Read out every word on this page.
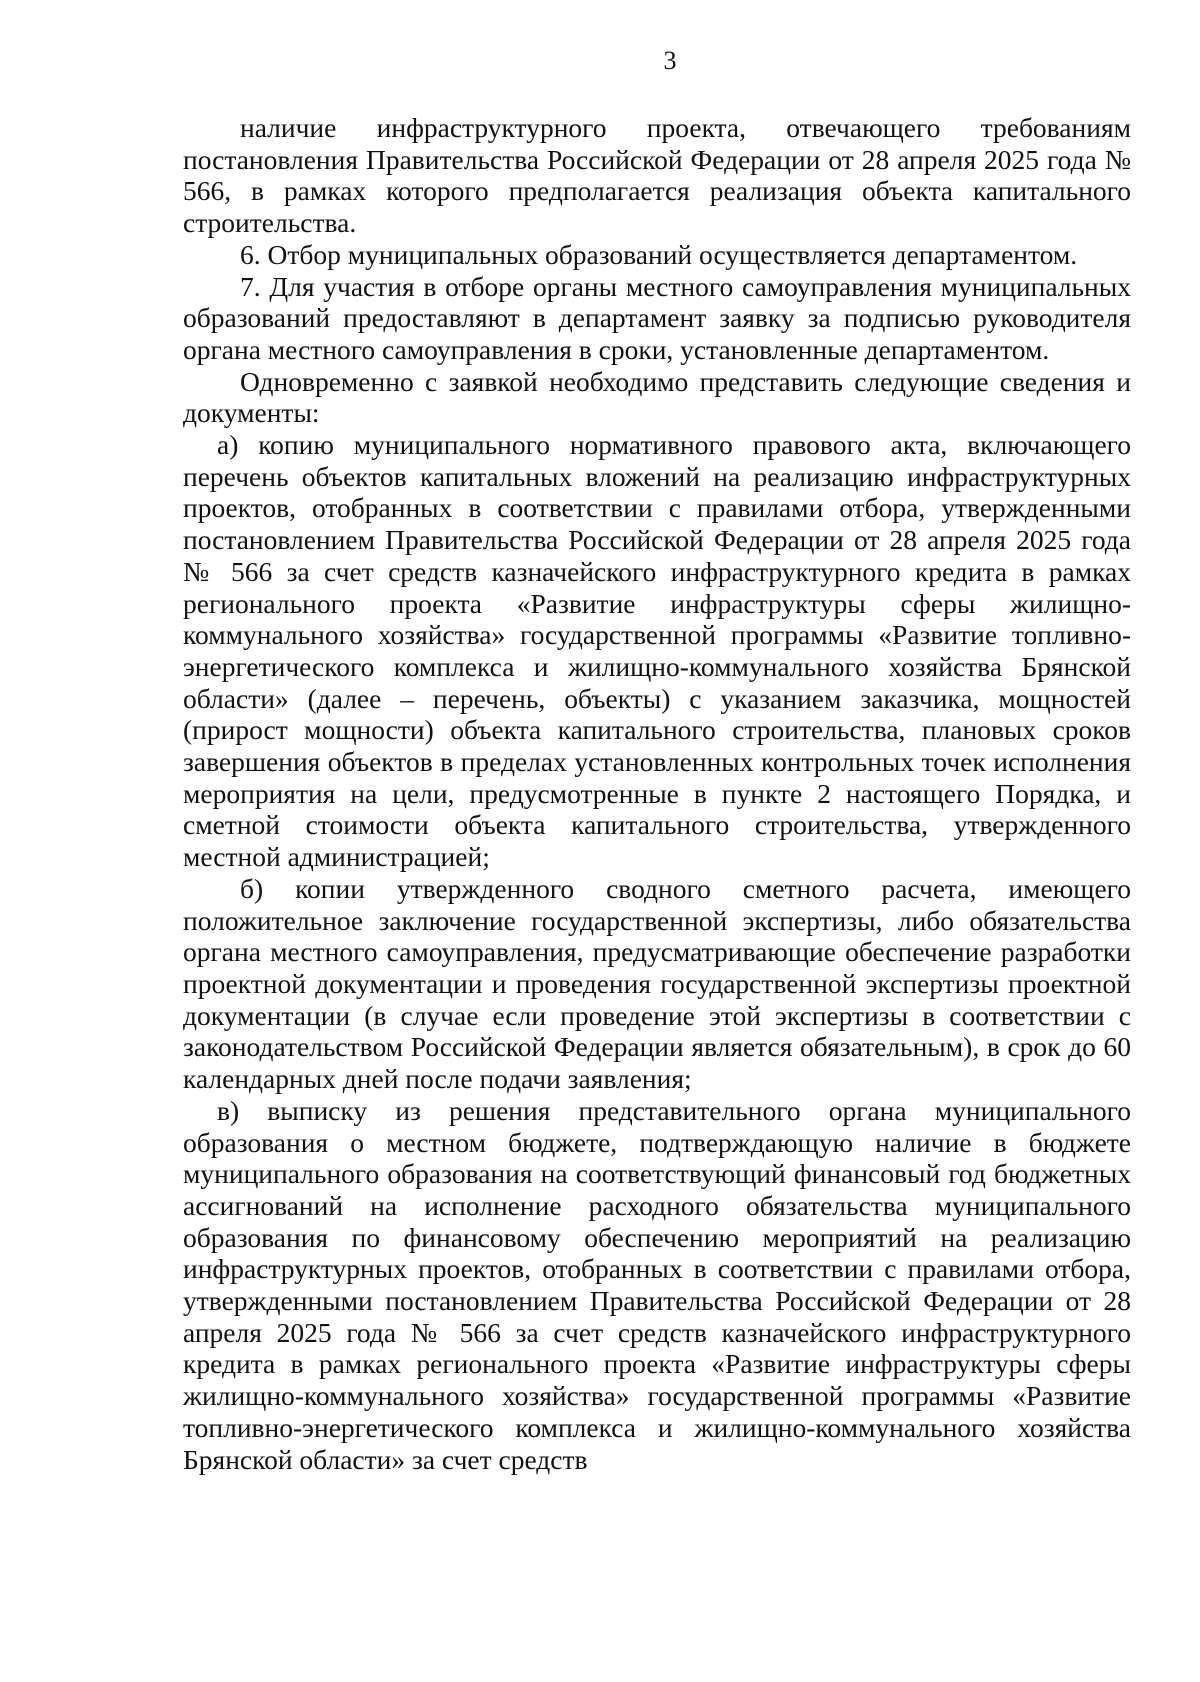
3

наличие инфраструктурного проекта, отвечающего требованиям постановления Правительства Российской Федерации от 28 апреля 2025 года № 566, в рамках которого предполагается реализация объекта капитального строительства.

6. Отбор муниципальных образований осуществляется департаментом.

7. Для участия в отборе органы местного самоуправления муниципальных образований предоставляют в департамент заявку за подписью руководителя органа местного самоуправления в сроки, установленные департаментом.

Одновременно с заявкой необходимо представить следующие сведения и документы:

а) копию муниципального нормативного правового акта, включающего перечень объектов капитальных вложений на реализацию инфраструктурных проектов, отобранных в соответствии с правилами отбора, утвержденными постановлением Правительства Российской Федерации от 28 апреля 2025 года № 566 за счет средств казначейского инфраструктурного кредита в рамках регионального проекта «Развитие инфраструктуры сферы жилищно-коммунального хозяйства» государственной программы «Развитие топливно-энергетического комплекса и жилищно-коммунального хозяйства Брянской области» (далее – перечень, объекты) с указанием заказчика, мощностей (прирост мощности) объекта капитального строительства, плановых сроков завершения объектов в пределах установленных контрольных точек исполнения мероприятия на цели, предусмотренные в пункте 2 настоящего Порядка, и сметной стоимости объекта капитального строительства, утвержденного местной администрацией;

б) копии утвержденного сводного сметного расчета, имеющего положительное заключение государственной экспертизы, либо обязательства органа местного самоуправления, предусматривающие обеспечение разработки проектной документации и проведения государственной экспертизы проектной документации (в случае если проведение этой экспертизы в соответствии с законодательством Российской Федерации является обязательным), в срок до 60 календарных дней после подачи заявления;

в) выписку из решения представительного органа муниципального образования о местном бюджете, подтверждающую наличие в бюджете муниципального образования на соответствующий финансовый год бюджетных ассигнований на исполнение расходного обязательства муниципального образования по финансовому обеспечению мероприятий на реализацию инфраструктурных проектов, отобранных в соответствии с правилами отбора, утвержденными постановлением Правительства Российской Федерации от 28 апреля 2025 года № 566 за счет средств казначейского инфраструктурного кредита в рамках регионального проекта «Развитие инфраструктуры сферы жилищно-коммунального хозяйства» государственной программы «Развитие топливно-энергетического комплекса и жилищно-коммунального хозяйства Брянской области» за счет средств
